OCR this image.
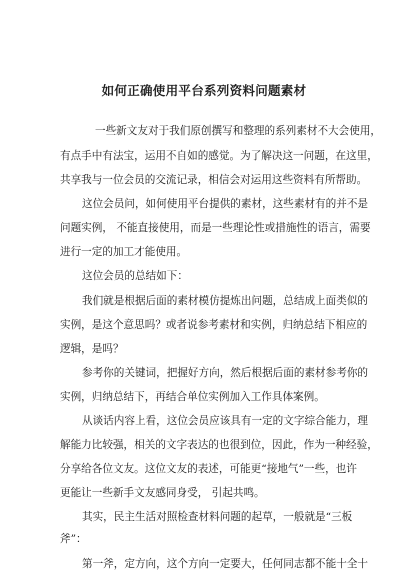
如何正确使用平台系列资料问题素材
一些新文友对于我们原创撰写和整理的系列素材不大会使用，
有点手中有法宝，运用不自如的感觉。为了解决这一问题，在这里，
共享我与一位会员的交流记录，相信会对运用这些资料有所帮助。
这位会员问，如何使用平台提供的素材，这些素材有的并不是
问题实例， 不能直接使用，而是一些理论性或措施性的语言，需要
进行一定的加工才能使用。
这位会员的总结如下：
我们就是根据后面的素材模仿提炼出问题，总结成上面类似的
实例，是这个意思吗？或者说参考素材和实例，归纳总结下相应的
逻辑，是吗？
参考你的关键词，把握好方向，然后根据后面的素材参考你的
实例，归纳总结下，再结合单位实例加入工作具体案例。
从谈话内容上看，这位会员应该具有一定的文字综合能力，理
解能力比较强，相关的文字表达的也很到位，因此，作为一种经验，
分享给各位文友。这位文友的表述，可能更“接地气”一些，也许
更能让一些新手文友感同身受， 引起共鸣。
其实，民主生活对照检查材料问题的起草，一般就是“三板
斧”：
第一斧，定方向，这个方向一定要大，任何同志都不能十全十
